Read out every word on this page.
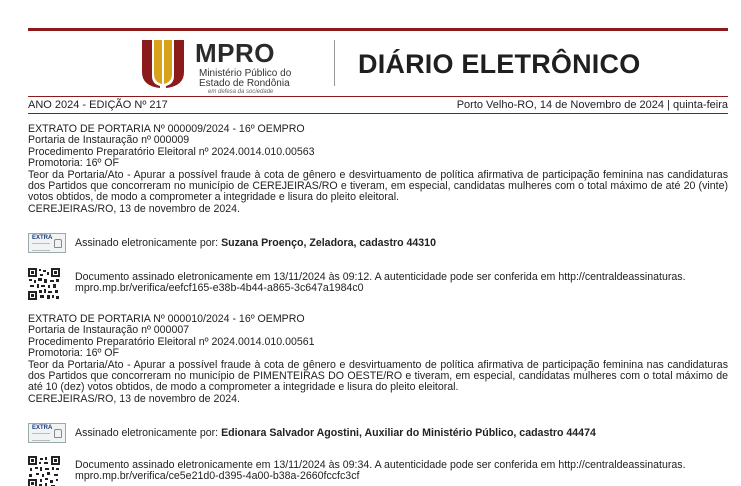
MPRO
Ministério Público do
Estado de Rondônia
em defesa da sociedade
DIÁRIO ELETRÔNICO
ANO 2024 - EDIÇÃO Nº 217	Porto Velho-RO, 14 de Novembro de 2024 | quinta-feira

EXTRATO DE PORTARIA Nº 000009/2024 - 16º OEMPRO

Portaria de Instauração nº 000009

Procedimento Preparatório Eleitoral nº 2024.0014.010.00563

Promotoria: 16º OF

Teor da Portaria/Ato - Apurar a possível fraude à cota de gênero e desvirtuamento de política afirmativa de participação feminina nas candidaturas dos Partidos que concorreram no município de CEREJEIRAS/RO e tiveram, em especial, candidatas mulheres com o total máximo de até 20 (vinte) votos obtidos, de modo a comprometer a integridade e lisura do pleito eleitoral.

CEREJEIRAS/RO, 13 de novembro de 2024.

EXTRA Assinado eletronicamente por: Suzana Proenço, Zeladora, cadastro 44310
Documento assinado eletronicamente em 13/11/2024 às 09:12. A autenticidade pode ser conferida em http://centraldeassinaturas. mpro.mp.br/verifica/eefcf165-e38b-4b44-a865-3c647a1984c0

EXTRATO DE PORTARIA Nº 000010/2024 - 16º OEMPRO

Portaria de Instauração nº 000007

Procedimento Preparatório Eleitoral nº 2024.0014.010.00561

Promotoria: 16º OF

Teor da Portaria/Ato - Apurar a possível fraude à cota de gênero e desvirtuamento de política afirmativa de participação feminina nas candidaturas dos Partidos que concorreram no município de PIMENTEIRAS DO OESTE/RO e tiveram, em especial, candidatas mulheres com o total máximo de até 10 (dez) votos obtidos, de modo a comprometer a integridade e lisura do pleito eleitoral.

CEREJEIRAS/RO, 13 de novembro de 2024.

EXTRA Assinado eletronicamente por: Edionara Salvador Agostini, Auxiliar do Ministério Público, cadastro 44474
Documento assinado eletronicamente em 13/11/2024 às 09:34. A autenticidade pode ser conferida em http://centraldeassinaturas. mpro.mp.br/verifica/ce5e21d0-d395-4a00-b38a-2660fccfc3cf
